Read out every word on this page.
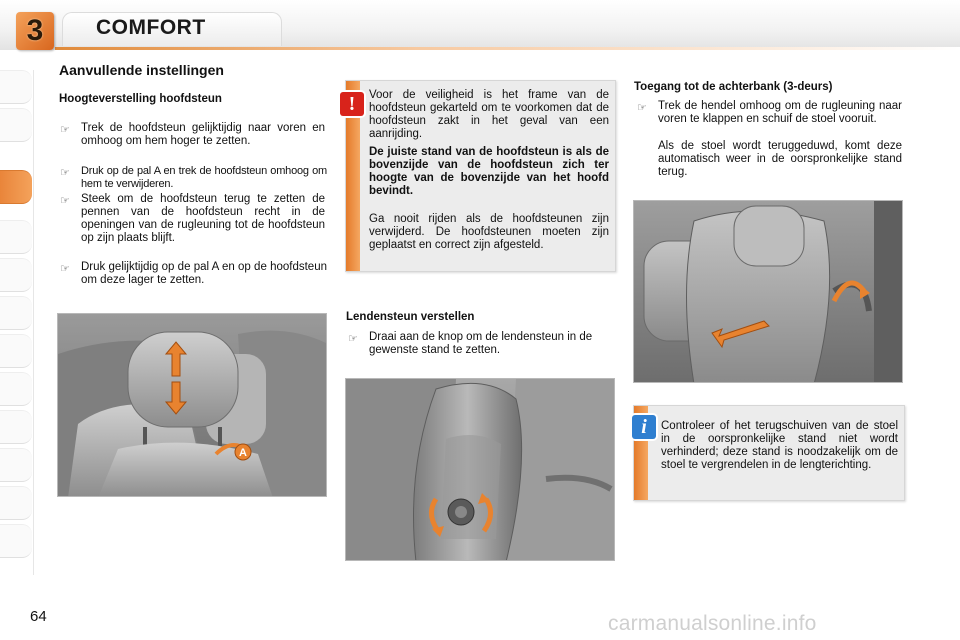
3	COMFORT
Aanvullende instellingen
Hoogteverstelling hoofdsteun
☞ Trek de hoofdsteun gelijktijdig naar voren en omhoog om hem hoger te zetten.
☞ Druk op de pal A en trek de hoofdsteun omhoog om hem te verwijderen.
☞ Steek om de hoofdsteun terug te zetten de pennen van de hoofdsteun recht in de openingen van de rugleuning tot de hoofdsteun op zijn plaats blijft.
☞ Druk gelijktijdig op de pal A en op de hoofdsteun om deze lager te zetten.
A
!	Voor de veiligheid is het frame van de hoofdsteun gekarteld om te voorkomen dat de hoofdsteun zakt in het geval van een aanrijding.
De juiste stand van de hoofdsteun is als de bovenzijde van de hoofdsteun zich ter hoogte van de bovenzijde van het hoofd bevindt.
Ga nooit rijden als de hoofdsteunen zijn verwijderd. De hoofdsteunen moeten zijn geplaatst en correct zijn afgesteld.
Lendensteun verstellen
☞ Draai aan de knop om de lendensteun in de gewenste stand te zetten.
Toegang tot de achterbank (3-deurs)
☞ Trek de hendel omhoog om de rugleuning naar voren te klappen en schuif de stoel vooruit.
Als de stoel wordt teruggeduwd, komt deze automatisch weer in de oorspronkelijke stand terug.
i	Controleer of het terugschuiven van de stoel in de oorspronkelijke stand niet wordt verhinderd; deze stand is noodzakelijk om de stoel te vergrendelen in de lengterichting.
64	carmanualsonline.info
